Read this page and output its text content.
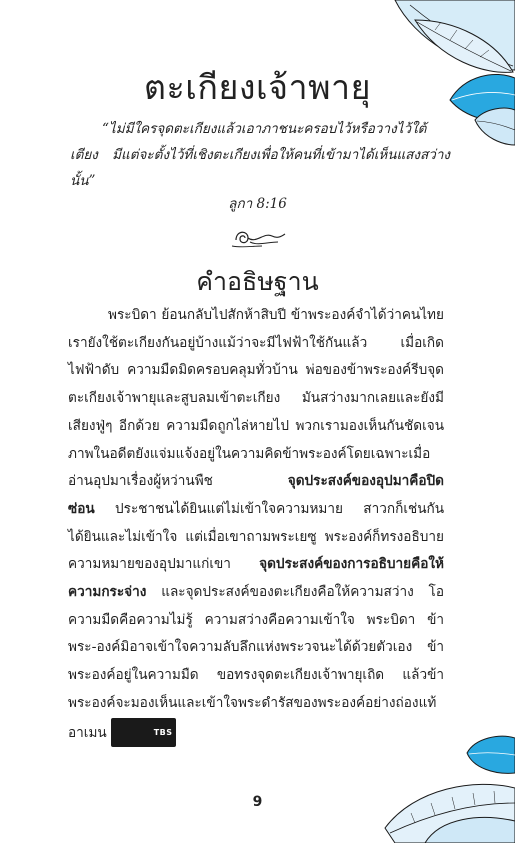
ตะเกียงเจ้าพายุ
“ไม่มีใครจุดตะเกียงแล้วเอาภาชนะครอบไว้หรือวางไว้ใต้เตียง มีแต่จะตั้งไว้ที่เชิงตะเกียงเพื่อให้คนที่เข้ามาได้เห็นแสงสว่างนั้น”
ลูกา 8:16
คำอธิษฐาน

พระบิดา ย้อนกลับไปสักห้าสิบปี ข้าพระองค์จำได้ว่าคนไทยเรายังใช้ตะเกียงกันอยู่บ้างแม้ว่าจะมีไฟฟ้าใช้กันแล้ว เมื่อเกิดไฟฟ้าดับ ความมืดมิดครอบคลุมทั่วบ้าน พ่อของข้าพระองค์รีบจุดตะเกียงเจ้าพายุและสูบลมเข้าตะเกียง มันสว่างมากเลยและยังมีเสียงฟู่ๆ อีกด้วย ความมืดถูกไล่หายไป พวกเรามองเห็นกันชัดเจน ภาพในอดีตยังแจ่มแจ้งอยู่ในความคิดข้าพระองค์โดยเฉพาะเมื่ออ่านอุปมาเรื่องผู้หว่านพืช	จุดประสงค์ของอุปมาคือปิดซ่อน ประชาชนได้ยินแต่ไม่เข้าใจความหมาย สาวกก็เช่นกันได้ยินและไม่เข้าใจ แต่เมื่อเขาถามพระเยซู พระองค์ก็ทรงอธิบายความหมายของอุปมาแก่เขา จุดประสงค์ของการอธิบายคือให้ความกระจ่าง และจุดประสงค์ของตะเกียงคือให้ความสว่าง โอ ความมืดคือความไม่รู้ ความสว่างคือความเข้าใจ พระบิดา ข้าพระ-องค์มิอาจเข้าใจความลับลึกแห่งพระวจนะได้ด้วยตัวเอง ข้าพระองค์อยู่ในความมืด ขอทรงจุดตะเกียงเจ้าพายุเถิด แล้วข้าพระองค์จะมองเห็นและเข้าใจพระดำรัสของพระองค์อย่างถ่องแท้ อาเมน	TBS

9
